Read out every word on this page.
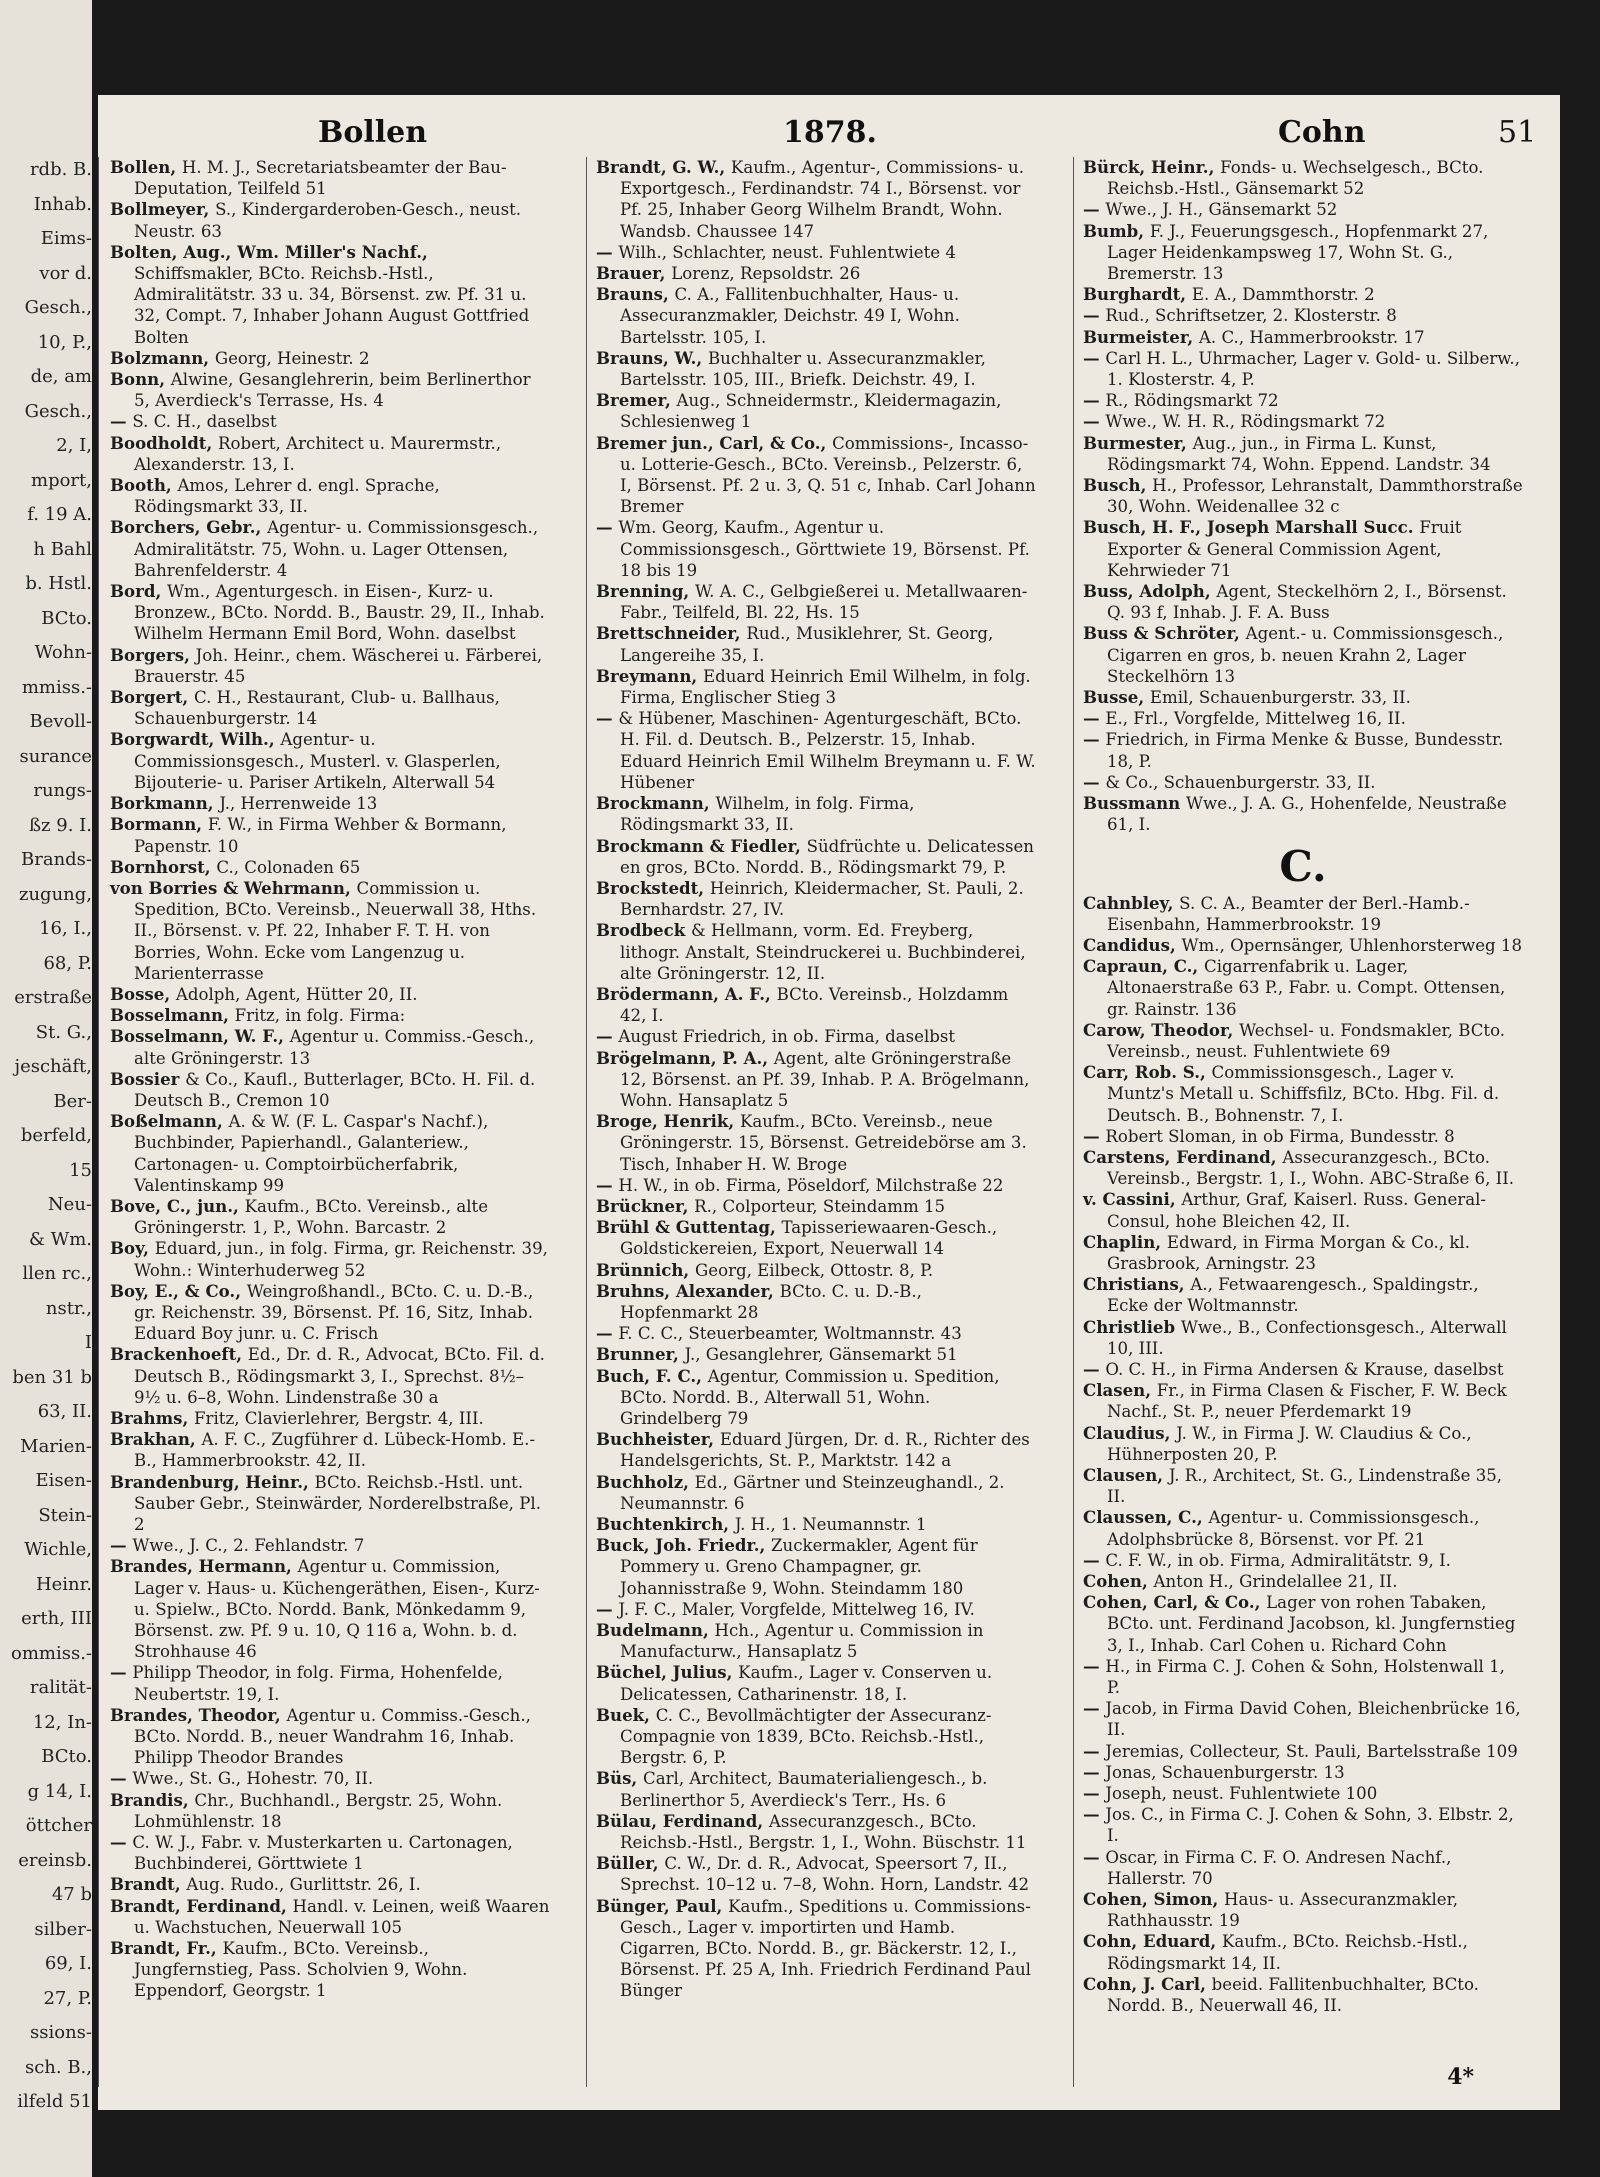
rdb. B.
Inhab.
Eims-
vor d.
Gesch.,
10, P.,
de, am
Gesch.,
2, I,
mport,
f. 19 A.
h Bahl
b. Hstl.
BCto.
Wohn-
mmiss.-
Bevoll-
surance
rungs-
ßz 9. I.
Brands-
zugung,
16, I.,
68, P.
erstraße
St. G.,
jeschäft,
Ber-
berfeld,
15
Neu-
& Wm.
llen rc.,
nstr.,
I
ben 31 b
63, II.
Marien-
Eisen-
Stein-
Wichle,
Heinr.
erth, III
ommiss.-
ralität-
12, In-
BCto.
g 14, I.
öttcher
ereinsb.
47 b
silber-
69, I.
27, P.
ssions-
sch. B.,
ilfeld 51
Bollen	1878.	Cohn	51

Bollen, H. M. J., Secretariatsbeamter der Bau-Deputation, Teilfeld 51

Bollmeyer, S., Kindergarderoben-Gesch., neust. Neustr. 63

Bolten, Aug., Wm. Miller's Nachf., Schiffsmakler, BCto. Reichsb.-Hstl., Admiralitätstr. 33 u. 34, Börsenst. zw. Pf. 31 u. 32, Compt. 7, Inhaber Johann August Gottfried Bolten

Bolzmann, Georg, Heinestr. 2

Bonn, Alwine, Gesanglehrerin, beim Berlinerthor 5, Averdieck's Terrasse, Hs. 4

— S. C. H., daselbst

Boodholdt, Robert, Architect u. Maurermstr., Alexanderstr. 13, I.

Booth, Amos, Lehrer d. engl. Sprache, Rödingsmarkt 33, II.

Borchers, Gebr., Agentur- u. Commissionsgesch., Admiralitätstr. 75, Wohn. u. Lager Ottensen, Bahrenfelderstr. 4

Bord, Wm., Agenturgesch. in Eisen-, Kurz- u. Bronzew., BCto. Nordd. B., Baustr. 29, II., Inhab. Wilhelm Hermann Emil Bord, Wohn. daselbst

Borgers, Joh. Heinr., chem. Wäscherei u. Färberei, Brauerstr. 45

Borgert, C. H., Restaurant, Club- u. Ballhaus, Schauenburgerstr. 14

Borgwardt, Wilh., Agentur- u. Commissionsgesch., Musterl. v. Glasperlen, Bijouterie- u. Pariser Artikeln, Alterwall 54

Borkmann, J., Herrenweide 13

Bormann, F. W., in Firma Wehber & Bormann, Papenstr. 10

Bornhorst, C., Colonaden 65

von Borries & Wehrmann, Commission u. Spedition, BCto. Vereinsb., Neuerwall 38, Hths. II., Börsenst. v. Pf. 22, Inhaber F. T. H. von Borries, Wohn. Ecke vom Langenzug u. Marienterrasse

Bosse, Adolph, Agent, Hütter 20, II.

Bosselmann, Fritz, in folg. Firma:

Bosselmann, W. F., Agentur u. Commiss.-Gesch., alte Gröningerstr. 13

Bossier & Co., Kaufl., Butterlager, BCto. H. Fil. d. Deutsch B., Cremon 10

Boßelmann, A. & W. (F. L. Caspar's Nachf.), Buchbinder, Papierhandl., Galanteriew., Cartonagen- u. Comptoirbücherfabrik, Valentinskamp 99

Bove, C., jun., Kaufm., BCto. Vereinsb., alte Gröningerstr. 1, P., Wohn. Barcastr. 2

Boy, Eduard, jun., in folg. Firma, gr. Reichenstr. 39, Wohn.: Winterhuderweg 52

Boy, E., & Co., Weingroßhandl., BCto. C. u. D.-B., gr. Reichenstr. 39, Börsenst. Pf. 16, Sitz, Inhab. Eduard Boy junr. u. C. Frisch

Brackenhoeft, Ed., Dr. d. R., Advocat, BCto. Fil. d. Deutsch B., Rödingsmarkt 3, I., Sprechst. 8½–9½ u. 6–8, Wohn. Lindenstraße 30 a

Brahms, Fritz, Clavierlehrer, Bergstr. 4, III.

Brakhan, A. F. C., Zugführer d. Lübeck-Homb. E.-B., Hammerbrookstr. 42, II.

Brandenburg, Heinr., BCto. Reichsb.-Hstl. unt. Sauber Gebr., Steinwärder, Norderelbstraße, Pl. 2

— Wwe., J. C., 2. Fehlandstr. 7

Brandes, Hermann, Agentur u. Commission, Lager v. Haus- u. Küchengeräthen, Eisen-, Kurz- u. Spielw., BCto. Nordd. Bank, Mönkedamm 9, Börsenst. zw. Pf. 9 u. 10, Q 116 a, Wohn. b. d. Strohhause 46

— Philipp Theodor, in folg. Firma, Hohenfelde, Neubertstr. 19, I.

Brandes, Theodor, Agentur u. Commiss.-Gesch., BCto. Nordd. B., neuer Wandrahm 16, Inhab. Philipp Theodor Brandes

— Wwe., St. G., Hohestr. 70, II.

Brandis, Chr., Buchhandl., Bergstr. 25, Wohn. Lohmühlenstr. 18

— C. W. J., Fabr. v. Musterkarten u. Cartonagen, Buchbinderei, Görttwiete 1

Brandt, Aug. Rudo., Gurlittstr. 26, I.

Brandt, Ferdinand, Handl. v. Leinen, weiß Waaren u. Wachstuchen, Neuerwall 105

Brandt, Fr., Kaufm., BCto. Vereinsb., Jungfernstieg, Pass. Scholvien 9, Wohn. Eppendorf, Georgstr. 1

Brandt, G. W., Kaufm., Agentur-, Commissions- u. Exportgesch., Ferdinandstr. 74 I., Börsenst. vor Pf. 25, Inhaber Georg Wilhelm Brandt, Wohn. Wandsb. Chaussee 147

— Wilh., Schlachter, neust. Fuhlentwiete 4

Brauer, Lorenz, Repsoldstr. 26

Brauns, C. A., Fallitenbuchhalter, Haus- u. Assecuranzmakler, Deichstr. 49 I, Wohn. Bartelsstr. 105, I.

Brauns, W., Buchhalter u. Assecuranzmakler, Bartelsstr. 105, III., Briefk. Deichstr. 49, I.

Bremer, Aug., Schneidermstr., Kleidermagazin, Schlesienweg 1

Bremer jun., Carl, & Co., Commissions-, Incasso- u. Lotterie-Gesch., BCto. Vereinsb., Pelzerstr. 6, I, Börsenst. Pf. 2 u. 3, Q. 51 c, Inhab. Carl Johann Bremer

— Wm. Georg, Kaufm., Agentur u. Commissionsgesch., Görttwiete 19, Börsenst. Pf. 18 bis 19

Brenning, W. A. C., Gelbgießerei u. Metallwaaren-Fabr., Teilfeld, Bl. 22, Hs. 15

Brettschneider, Rud., Musiklehrer, St. Georg, Langereihe 35, I.

Breymann, Eduard Heinrich Emil Wilhelm, in folg. Firma, Englischer Stieg 3

— & Hübener, Maschinen- Agenturgeschäft, BCto. H. Fil. d. Deutsch. B., Pelzerstr. 15, Inhab. Eduard Heinrich Emil Wilhelm Breymann u. F. W. Hübener

Brockmann, Wilhelm, in folg. Firma, Rödingsmarkt 33, II.

Brockmann & Fiedler, Südfrüchte u. Delicatessen en gros, BCto. Nordd. B., Rödingsmarkt 79, P.

Brockstedt, Heinrich, Kleidermacher, St. Pauli, 2. Bernhardstr. 27, IV.

Brodbeck & Hellmann, vorm. Ed. Freyberg, lithogr. Anstalt, Steindruckerei u. Buchbinderei, alte Gröningerstr. 12, II.

Brödermann, A. F., BCto. Vereinsb., Holzdamm 42, I.

— August Friedrich, in ob. Firma, daselbst

Brögelmann, P. A., Agent, alte Gröningerstraße 12, Börsenst. an Pf. 39, Inhab. P. A. Brögelmann, Wohn. Hansaplatz 5

Broge, Henrik, Kaufm., BCto. Vereinsb., neue Gröningerstr. 15, Börsenst. Getreidebörse am 3. Tisch, Inhaber H. W. Broge

— H. W., in ob. Firma, Pöseldorf, Milchstraße 22

Brückner, R., Colporteur, Steindamm 15

Brühl & Guttentag, Tapisseriewaaren-Gesch., Goldstickereien, Export, Neuerwall 14

Brünnich, Georg, Eilbeck, Ottostr. 8, P.

Bruhns, Alexander, BCto. C. u. D.-B., Hopfenmarkt 28

— F. C. C., Steuerbeamter, Woltmannstr. 43

Brunner, J., Gesanglehrer, Gänsemarkt 51

Buch, F. C., Agentur, Commission u. Spedition, BCto. Nordd. B., Alterwall 51, Wohn. Grindelberg 79

Buchheister, Eduard Jürgen, Dr. d. R., Richter des Handelsgerichts, St. P., Marktstr. 142 a

Buchholz, Ed., Gärtner und Steinzeughandl., 2. Neumannstr. 6

Buchtenkirch, J. H., 1. Neumannstr. 1

Buck, Joh. Friedr., Zuckermakler, Agent für Pommery u. Greno Champagner, gr. Johannisstraße 9, Wohn. Steindamm 180

— J. F. C., Maler, Vorgfelde, Mittelweg 16, IV.

Budelmann, Hch., Agentur u. Commission in Manufacturw., Hansaplatz 5

Büchel, Julius, Kaufm., Lager v. Conserven u. Delicatessen, Catharinenstr. 18, I.

Buek, C. C., Bevollmächtigter der Assecuranz-Compagnie von 1839, BCto. Reichsb.-Hstl., Bergstr. 6, P.

Büs, Carl, Architect, Baumaterialiengesch., b. Berlinerthor 5, Averdieck's Terr., Hs. 6

Bülau, Ferdinand, Assecuranzgesch., BCto. Reichsb.-Hstl., Bergstr. 1, I., Wohn. Büschstr. 11

Büller, C. W., Dr. d. R., Advocat, Speersort 7, II., Sprechst. 10–12 u. 7–8, Wohn. Horn, Landstr. 42

Bünger, Paul, Kaufm., Speditions u. Commissions-Gesch., Lager v. importirten und Hamb. Cigarren, BCto. Nordd. B., gr. Bäckerstr. 12, I., Börsenst. Pf. 25 A, Inh. Friedrich Ferdinand Paul Bünger

Bürck, Heinr., Fonds- u. Wechselgesch., BCto. Reichsb.-Hstl., Gänsemarkt 52

— Wwe., J. H., Gänsemarkt 52

Bumb, F. J., Feuerungsgesch., Hopfenmarkt 27, Lager Heidenkampsweg 17, Wohn St. G., Bremerstr. 13

Burghardt, E. A., Dammthorstr. 2

— Rud., Schriftsetzer, 2. Klosterstr. 8

Burmeister, A. C., Hammerbrookstr. 17

— Carl H. L., Uhrmacher, Lager v. Gold- u. Silberw., 1. Klosterstr. 4, P.

— R., Rödingsmarkt 72

— Wwe., W. H. R., Rödingsmarkt 72

Burmester, Aug., jun., in Firma L. Kunst, Rödingsmarkt 74, Wohn. Eppend. Landstr. 34

Busch, H., Professor, Lehranstalt, Dammthorstraße 30, Wohn. Weidenallee 32 c

Busch, H. F., Joseph Marshall Succ. Fruit Exporter & General Commission Agent, Kehrwieder 71

Buss, Adolph, Agent, Steckelhörn 2, I., Börsenst. Q. 93 f, Inhab. J. F. A. Buss

Buss & Schröter, Agent.- u. Commissionsgesch., Cigarren en gros, b. neuen Krahn 2, Lager Steckelhörn 13

Busse, Emil, Schauenburgerstr. 33, II.

— E., Frl., Vorgfelde, Mittelweg 16, II.

— Friedrich, in Firma Menke & Busse, Bundesstr. 18, P.

— & Co., Schauenburgerstr. 33, II.

Bussmann Wwe., J. A. G., Hohenfelde, Neustraße 61, I.

C.

Cahnbley, S. C. A., Beamter der Berl.-Hamb.-Eisenbahn, Hammerbrookstr. 19

Candidus, Wm., Opernsänger, Uhlenhorsterweg 18

Capraun, C., Cigarrenfabrik u. Lager, Altonaerstraße 63 P., Fabr. u. Compt. Ottensen, gr. Rainstr. 136

Carow, Theodor, Wechsel- u. Fondsmakler, BCto. Vereinsb., neust. Fuhlentwiete 69

Carr, Rob. S., Commissionsgesch., Lager v. Muntz's Metall u. Schiffsfilz, BCto. Hbg. Fil. d. Deutsch. B., Bohnenstr. 7, I.

— Robert Sloman, in ob Firma, Bundesstr. 8

Carstens, Ferdinand, Assecuranzgesch., BCto. Vereinsb., Bergstr. 1, I., Wohn. ABC-Straße 6, II.

v. Cassini, Arthur, Graf, Kaiserl. Russ. General-Consul, hohe Bleichen 42, II.

Chaplin, Edward, in Firma Morgan & Co., kl. Grasbrook, Arningstr. 23

Christians, A., Fetwaarengesch., Spaldingstr., Ecke der Woltmannstr.

Christlieb Wwe., B., Confectionsgesch., Alterwall 10, III.

— O. C. H., in Firma Andersen & Krause, daselbst

Clasen, Fr., in Firma Clasen & Fischer, F. W. Beck Nachf., St. P., neuer Pferdemarkt 19

Claudius, J. W., in Firma J. W. Claudius & Co., Hühnerposten 20, P.

Clausen, J. R., Architect, St. G., Lindenstraße 35, II.

Claussen, C., Agentur- u. Commissionsgesch., Adolphsbrücke 8, Börsenst. vor Pf. 21

— C. F. W., in ob. Firma, Admiralitätstr. 9, I.

Cohen, Anton H., Grindelallee 21, II.

Cohen, Carl, & Co., Lager von rohen Tabaken, BCto. unt. Ferdinand Jacobson, kl. Jungfernstieg 3, I., Inhab. Carl Cohen u. Richard Cohn

— H., in Firma C. J. Cohen & Sohn, Holstenwall 1, P.

— Jacob, in Firma David Cohen, Bleichenbrücke 16, II.

— Jeremias, Collecteur, St. Pauli, Bartelsstraße 109

— Jonas, Schauenburgerstr. 13

— Joseph, neust. Fuhlentwiete 100

— Jos. C., in Firma C. J. Cohen & Sohn, 3. Elbstr. 2, I.

— Oscar, in Firma C. F. O. Andresen Nachf., Hallerstr. 70

Cohen, Simon, Haus- u. Assecuranzmakler, Rathhausstr. 19

Cohn, Eduard, Kaufm., BCto. Reichsb.-Hstl., Rödingsmarkt 14, II.

Cohn, J. Carl, beeid. Fallitenbuchhalter, BCto. Nordd. B., Neuerwall 46, II.

4*
